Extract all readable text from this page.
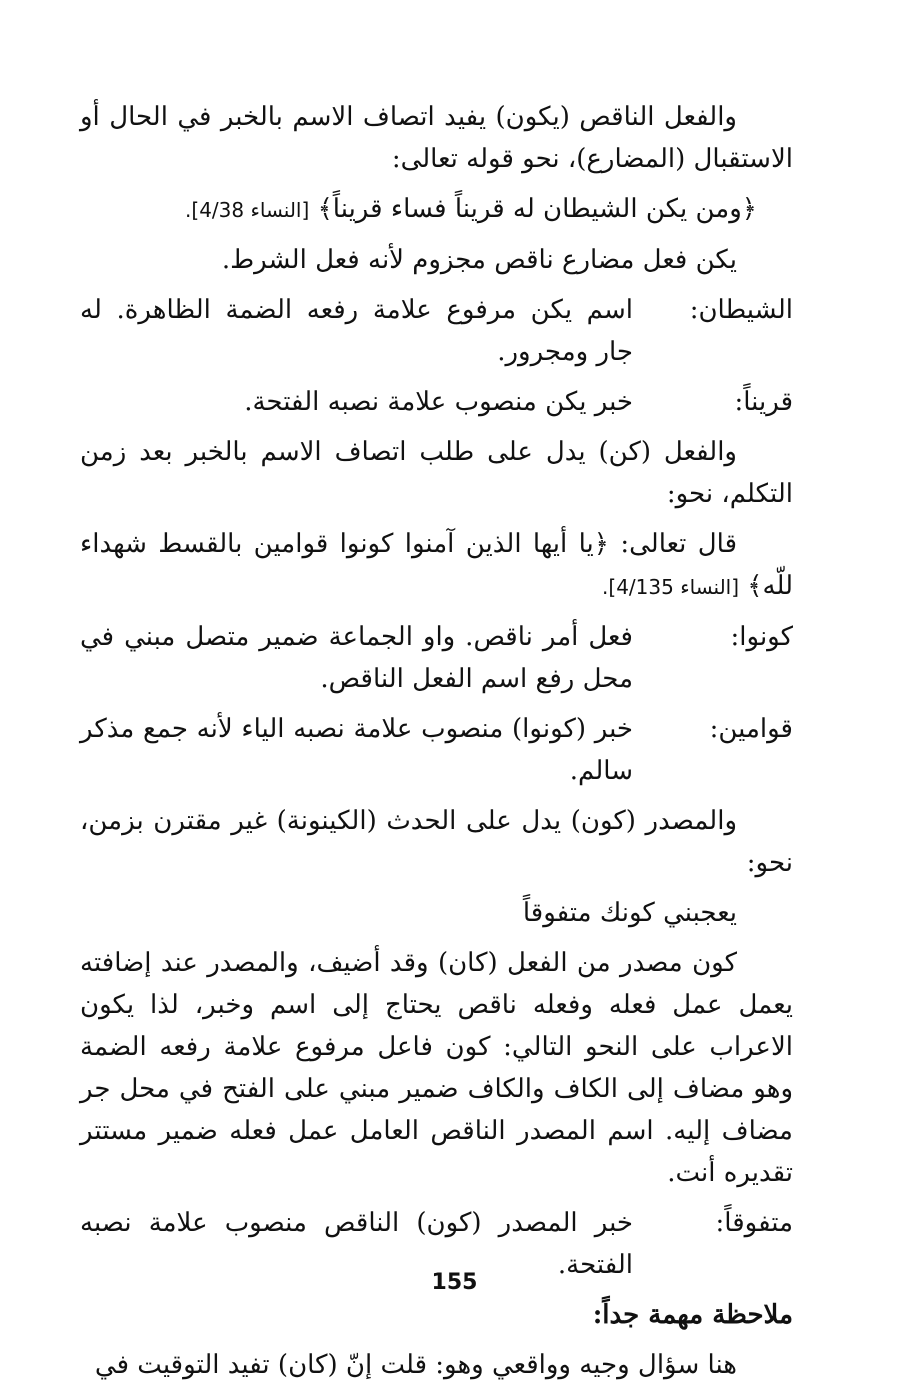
والفعل الناقص (يكون) يفيد اتصاف الاسم بالخبر في الحال أو الاستقبال (المضارع)، نحو قوله تعالى:

﴿ومن يكن الشيطان له قريناً فساء قريناً﴾ [النساء 4/38].

يكن فعل مضارع ناقص مجزوم لأنه فعل الشرط.

الشيطان:
اسم يكن مرفوع علامة رفعه الضمة الظاهرة. له جار ومجرور.
قريناً:
خبر يكن منصوب علامة نصبه الفتحة.

والفعل (كن) يدل على طلب اتصاف الاسم بالخبر بعد زمن التكلم، نحو:

قال تعالى: ﴿يا أيها الذين آمنوا كونوا قوامين بالقسط شهداء للّه﴾ [النساء 4/135].

كونوا:
فعل أمر ناقص. واو الجماعة ضمير متصل مبني في محل رفع اسم الفعل الناقص.
قوامين:
خبر (كونوا) منصوب علامة نصبه الياء لأنه جمع مذكر سالم.

والمصدر (كون) يدل على الحدث (الكينونة) غير مقترن بزمن، نحو:

يعجبني كونك متفوقاً

كون مصدر من الفعل (كان) وقد أضيف، والمصدر عند إضافته يعمل عمل فعله وفعله ناقص يحتاج إلى اسم وخبر، لذا يكون الاعراب على النحو التالي: كون فاعل مرفوع علامة رفعه الضمة وهو مضاف إلى الكاف والكاف ضمير مبني على الفتح في محل جر مضاف إليه. اسم المصدر الناقص العامل عمل فعله ضمير مستتر تقديره أنت.

متفوقاً:
خبر المصدر (كون) الناقص منصوب علامة نصبه الفتحة.

ملاحظة مهمة جداً:

هنا سؤال وجيه وواقعي وهو: قلت إنّ (كان) تفيد التوقيت في

155
